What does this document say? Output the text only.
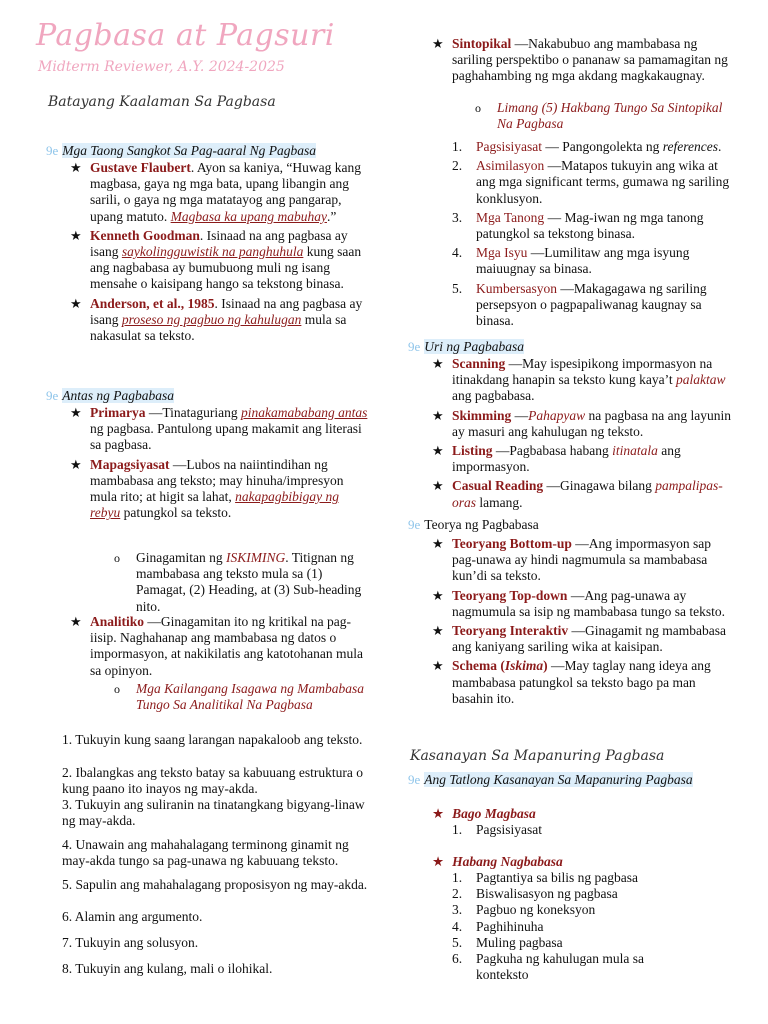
Pagbasa at Pagsuri
Midterm Reviewer, A.Y. 2024-2025
Batayang Kaalaman Sa Pagbasa
9e Mga Taong Sangkot Sa Pag-aaral Ng Pagbasa
★ Gustave Flaubert. Ayon sa kaniya, “Huwag kang magbasa, gaya ng mga bata, upang libangin ang sarili, o gaya ng mga matatayog ang pangarap, upang matuto. Magbasa ka upang mabuhay.”
★ Kenneth Goodman. Isinaad na ang pagbasa ay isang saykolingguwistik na panghuhula kung saan ang nagbabasa ay bumubuong muli ng isang mensahe o kaisipang hango sa tekstong binasa.
★ Anderson, et al., 1985. Isinaad na ang pagbasa ay isang proseso ng pagbuo ng kahulugan mula sa nakasulat sa teksto.
9e Antas ng Pagbabasa
★ Primarya —Tinataguriang pinakamababang antas ng pagbasa. Pantulong upang makamit ang literasi sa pagbasa.
★ Mapagsiyasat —Lubos na naiintindihan ng mambabasa ang teksto; may hinuha/impresyon mula rito; at higit sa lahat, nakapagbibigay ng rebyu patungkol sa teksto.
o Ginagamitan ng ISKIMING. Titignan ng mambabasa ang teksto mula sa (1) Pamagat, (2) Heading, at (3) Sub-heading nito.
★ Analitiko —Ginagamitan ito ng kritikal na pag-iisip. Naghahanap ang mambabasa ng datos o impormasyon, at nakikilatis ang katotohanan mula sa opinyon.
o Mga Kailangang Isagawa ng Mambabasa Tungo Sa Analitikal Na Pagbasa
1. Tukuyin kung saang larangan napakaloob ang teksto.
2. Ibalangkas ang teksto batay sa kabuuang estruktura o kung paano ito inayos ng may-akda.
3. Tukuyin ang suliranin na tinatangkang bigyang-linaw ng may-akda.
4. Unawain ang mahahalagang terminong ginamit ng may-akda tungo sa pag-unawa ng kabuuang teksto.
5. Sapulin ang mahahalagang proposisyon ng may-akda.
6. Alamin ang argumento.
7. Tukuyin ang solusyon.
8. Tukuyin ang kulang, mali o ilohikal.
★ Sintopikal —Nakabubuo ang mambabasa ng sariling perspektibo o pananaw sa pamamagitan ng paghahambing ng mga akdang magkakaugnay.
o Limang (5) Hakbang Tungo Sa Sintopikal Na Pagbasa
1. Pagsisiyasat — Pangongolekta ng references.
2. Asimilasyon —Matapos tukuyin ang wika at ang mga significant terms, gumawa ng sariling konklusyon.
3. Mga Tanong — Mag-iwan ng mga tanong patungkol sa tekstong binasa.
4. Mga Isyu —Lumilitaw ang mga isyung maiuugnay sa binasa.
5. Kumbersasyon —Makagagawa ng sariling persepsyon o pagpapaliwanag kaugnay sa binasa.
9e Uri ng Pagbabasa
★ Scanning —May ispesipikong impormasyon na itinakdang hanapin sa teksto kung kaya’t palaktaw ang pagbabasa.
★ Skimming —Pahapyaw na pagbasa na ang layunin ay masuri ang kahulugan ng teksto.
★ Listing —Pagbabasa habang itinatala ang impormasyon.
★ Casual Reading —Ginagawa bilang pampalipas-oras lamang.
9e Teorya ng Pagbabasa
★ Teoryang Bottom-up —Ang impormasyon sap pag-unawa ay hindi nagmumula sa mambabasa kun’di sa teksto.
★ Teoryang Top-down —Ang pag-unawa ay nagmumula sa isip ng mambabasa tungo sa teksto.
★ Teoryang Interaktiv —Ginagamit ng mambabasa ang kaniyang sariling wika at kaisipan.
★ Schema (Iskima) —May taglay nang ideya ang mambabasa patungkol sa teksto bago pa man basahin ito.
Kasanayan Sa Mapanuring Pagbasa
9e Ang Tatlong Kasanayan Sa Mapanuring Pagbasa
★ Bago Magbasa
1. Pagsisiyasat
★ Habang Nagbabasa
1. Pagtantiya sa bilis ng pagbasa
2. Biswalisasyon ng pagbasa
3. Pagbuo ng koneksyon
4. Paghihinuha
5. Muling pagbasa
6. Pagkuha ng kahulugan mula sa konteksto
